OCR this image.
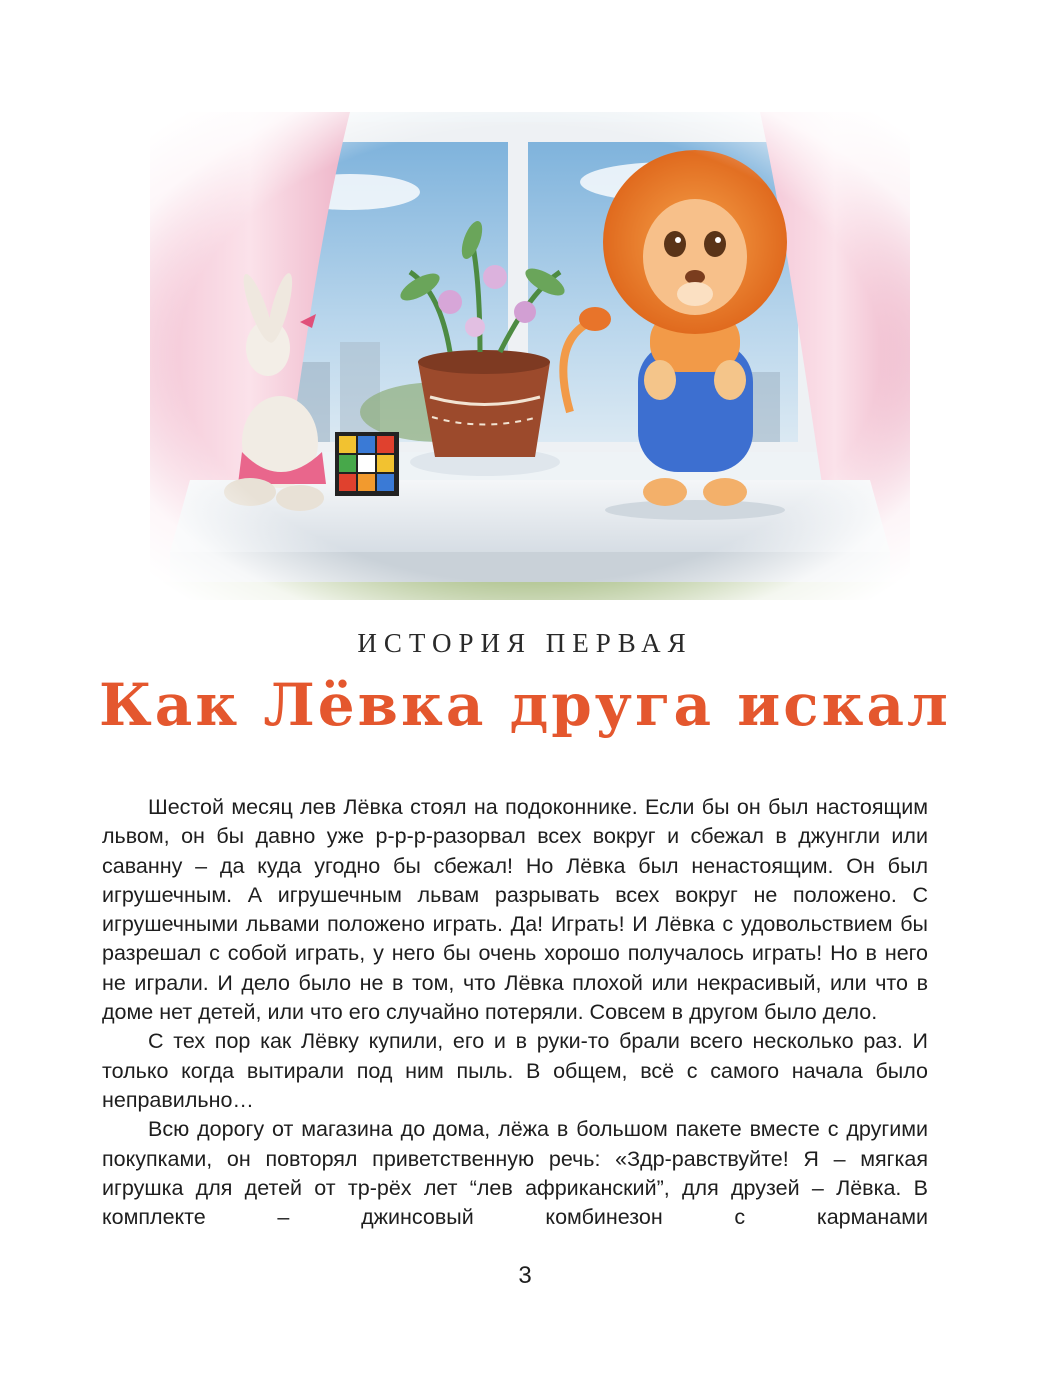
ИСТОРИЯ ПЕРВАЯ
Как Лёвка друга искал

Шестой месяц лев Лёвка стоял на подоконнике. Если бы он был настоящим львом, он бы давно уже р-р-р-разорвал всех вокруг и сбежал в джунгли или саванну – да куда угодно бы сбежал! Но Лёвка был ненастоящим. Он был игрушечным. А игрушечным львам разрывать всех вокруг не положено. С игрушечными львами положено играть. Да! Играть! И Лёвка с удовольствием бы разрешал с собой играть, у него бы очень хорошо получалось играть! Но в него не играли. И дело было не в том, что Лёвка плохой или некрасивый, или что в доме нет детей, или что его случайно потеряли. Совсем в другом было дело.

С тех пор как Лёвку купили, его и в руки-то брали всего несколько раз. И только когда вытирали под ним пыль. В общем, всё с самого начала было неправильно…

Всю дорогу от магазина до дома, лёжа в большом пакете вместе с другими покупками, он повторял приветственную речь: «Здр-равствуйте! Я – мягкая игрушка для детей от тр-рёх лет “лев африканский”, для друзей – Лёвка. В комплекте – джинсовый комбинезон с карманами

3
